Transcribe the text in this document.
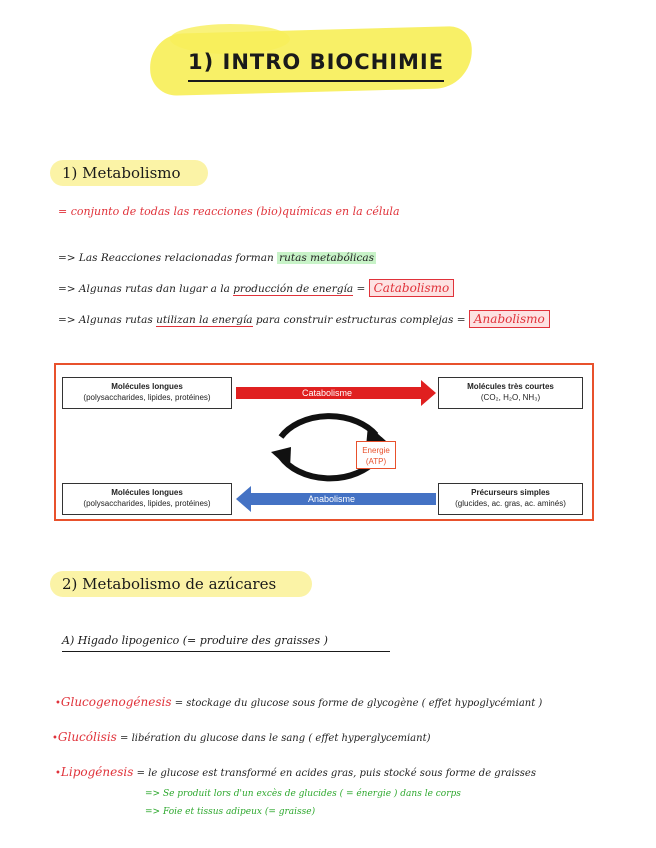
1) INTRO BIOCHIMIE
1) Metabolismo
= conjunto de todas las reacciones (bio)químicas en la célula
=> Las Reacciones relacionadas forman rutas metabólicas
=> Algunas rutas dan lugar a la producción de energía = Catabolismo
=> Algunas rutas utilizan la energía para construir estructuras complejas = Anabolismo
Molécules longues
(polysaccharides, lipides, protéines)
Molécules très courtes
(CO₂, H₂O, NH₃)
Molécules longues
(polysaccharides, lipides, protéines)
Précurseurs simples
(glucides, ac. gras, ac. aminés)
Catabolisme
Anabolisme
Energie
(ATP)
2) Metabolismo de azúcares
A) Higado lipogenico (= produire des graisses )
•Glucogenogénesis = stockage du glucose sous forme de glycogène ( effet hypoglycémiant )
•Glucólisis = libération du glucose dans le sang ( effet hyperglycemiant)
•Lipogénesis = le glucose est transformé en acides gras, puis stocké sous forme de graisses
=> Se produit lors d'un excès de glucides ( = énergie ) dans le corps
=> Foie et tissus adipeux (= graisse)
